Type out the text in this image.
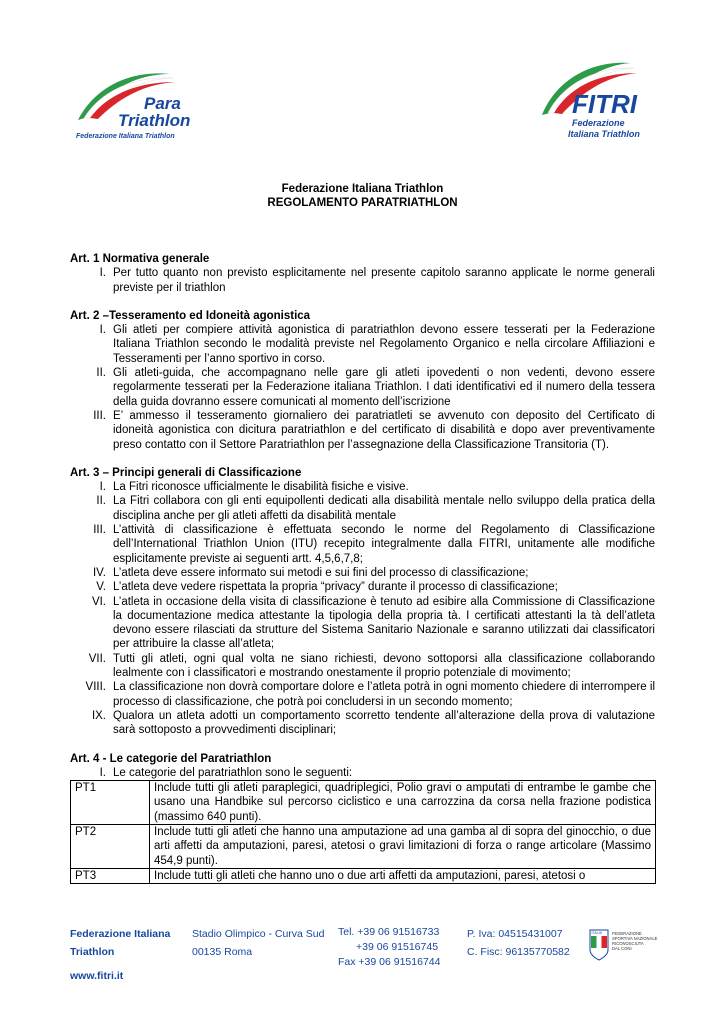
Para
Triathlon
Federazione Italiana Triathlon
FITRI
Federazione
Italiana Triathlon
Federazione Italiana Triathlon
REGOLAMENTO PARATRIATHLON

Art. 1 Normativa generale

I. Per tutto quanto non previsto esplicitamente nel presente capitolo saranno applicate le norme generali previste per il triathlon

Art. 2 –Tesseramento ed Idoneità agonistica

I. Gli atleti per compiere attività agonistica di paratriathlon devono essere tesserati per la Federazione Italiana Triathlon secondo le modalità previste nel Regolamento Organico e nella circolare Affiliazioni e Tesseramenti per l’anno sportivo in corso.
II. Gli atleti-guida, che accompagnano nelle gare gli atleti ipovedenti o non vedenti, devono essere regolarmente tesserati per la Federazione italiana Triathlon. I dati identificativi ed il numero della tessera della guida dovranno essere comunicati al momento dell’iscrizione
III. E’ ammesso il tesseramento giornaliero dei paratriatleti se avvenuto con deposito del Certificato di idoneità agonistica con dicitura paratriathlon e del certificato di disabilità e dopo aver preventivamente preso contatto con il Settore Paratriathlon per l’assegnazione della Classificazione Transitoria (T).

Art. 3 – Principi generali di Classificazione

I. La Fitri riconosce ufficialmente le disabilità fisiche e visive.
II. La Fitri collabora con gli enti equipollenti dedicati alla disabilità mentale nello sviluppo della pratica della disciplina anche per gli atleti affetti da disabilità mentale
III. L’attività di classificazione è effettuata secondo le norme del Regolamento di Classificazione dell’International Triathlon Union (ITU) recepito integralmente dalla FITRI, unitamente alle modifiche esplicitamente previste ai seguenti artt. 4,5,6,7,8;
IV. L’atleta deve essere informato sui metodi e sui fini del processo di classificazione;
V. L’atleta deve vedere rispettata la propria “privacy” durante il processo di classificazione;
VI. L’atleta in occasione della visita di classificazione è tenuto ad esibire alla Commissione di Classificazione la documentazione medica attestante la tipologia della propria tà. I certificati attestanti la tà dell’atleta devono essere rilasciati da strutture del Sistema Sanitario Nazionale e saranno utilizzati dai classificatori per attribuire la classe all’atleta;
VII. Tutti gli atleti, ogni qual volta ne siano richiesti, devono sottoporsi alla classificazione collaborando lealmente con i classificatori e mostrando onestamente il proprio potenziale di movimento;
VIII. La classificazione non dovrà comportare dolore e l’atleta potrà in ogni momento chiedere di interrompere il processo di classificazione, che potrà poi concludersi in un secondo momento;
IX. Qualora un atleta adotti un comportamento scorretto tendente all’alterazione della prova di valutazione sarà sottoposto a provvedimenti disciplinari;

Art. 4 - Le categorie del Paratriathlon

I. Le categorie del paratriathlon sono le seguenti:
PT1	Include tutti gli atleti paraplegici, quadriplegici, Polio gravi o amputati di entrambe le gambe che usano una Handbike sul percorso ciclistico e una carrozzina da corsa nella frazione podistica (massimo 640 punti).
PT2	Include tutti gli atleti che hanno una amputazione ad una gamba al di sopra del ginocchio, o due arti affetti da amputazioni, paresi, atetosi o gravi limitazioni di forza o range articolare (Massimo 454,9 punti).
PT3	Include tutti gli atleti che hanno uno o due arti affetti da amputazioni, paresi, atetosi o
Federazione Italiana
Triathlon
Stadio Olimpico - Curva Sud
00135 Roma
Tel. +39 06 91516733
+39 06 91516745
Fax +39 06 91516744
P. Iva: 04515431007
C. Fisc: 96135770582
www.fitri.it
ITALIA FEDERAZIONE
SPORTIVA NAZIONALE
RICONOSCIUTA
DAL CONI
